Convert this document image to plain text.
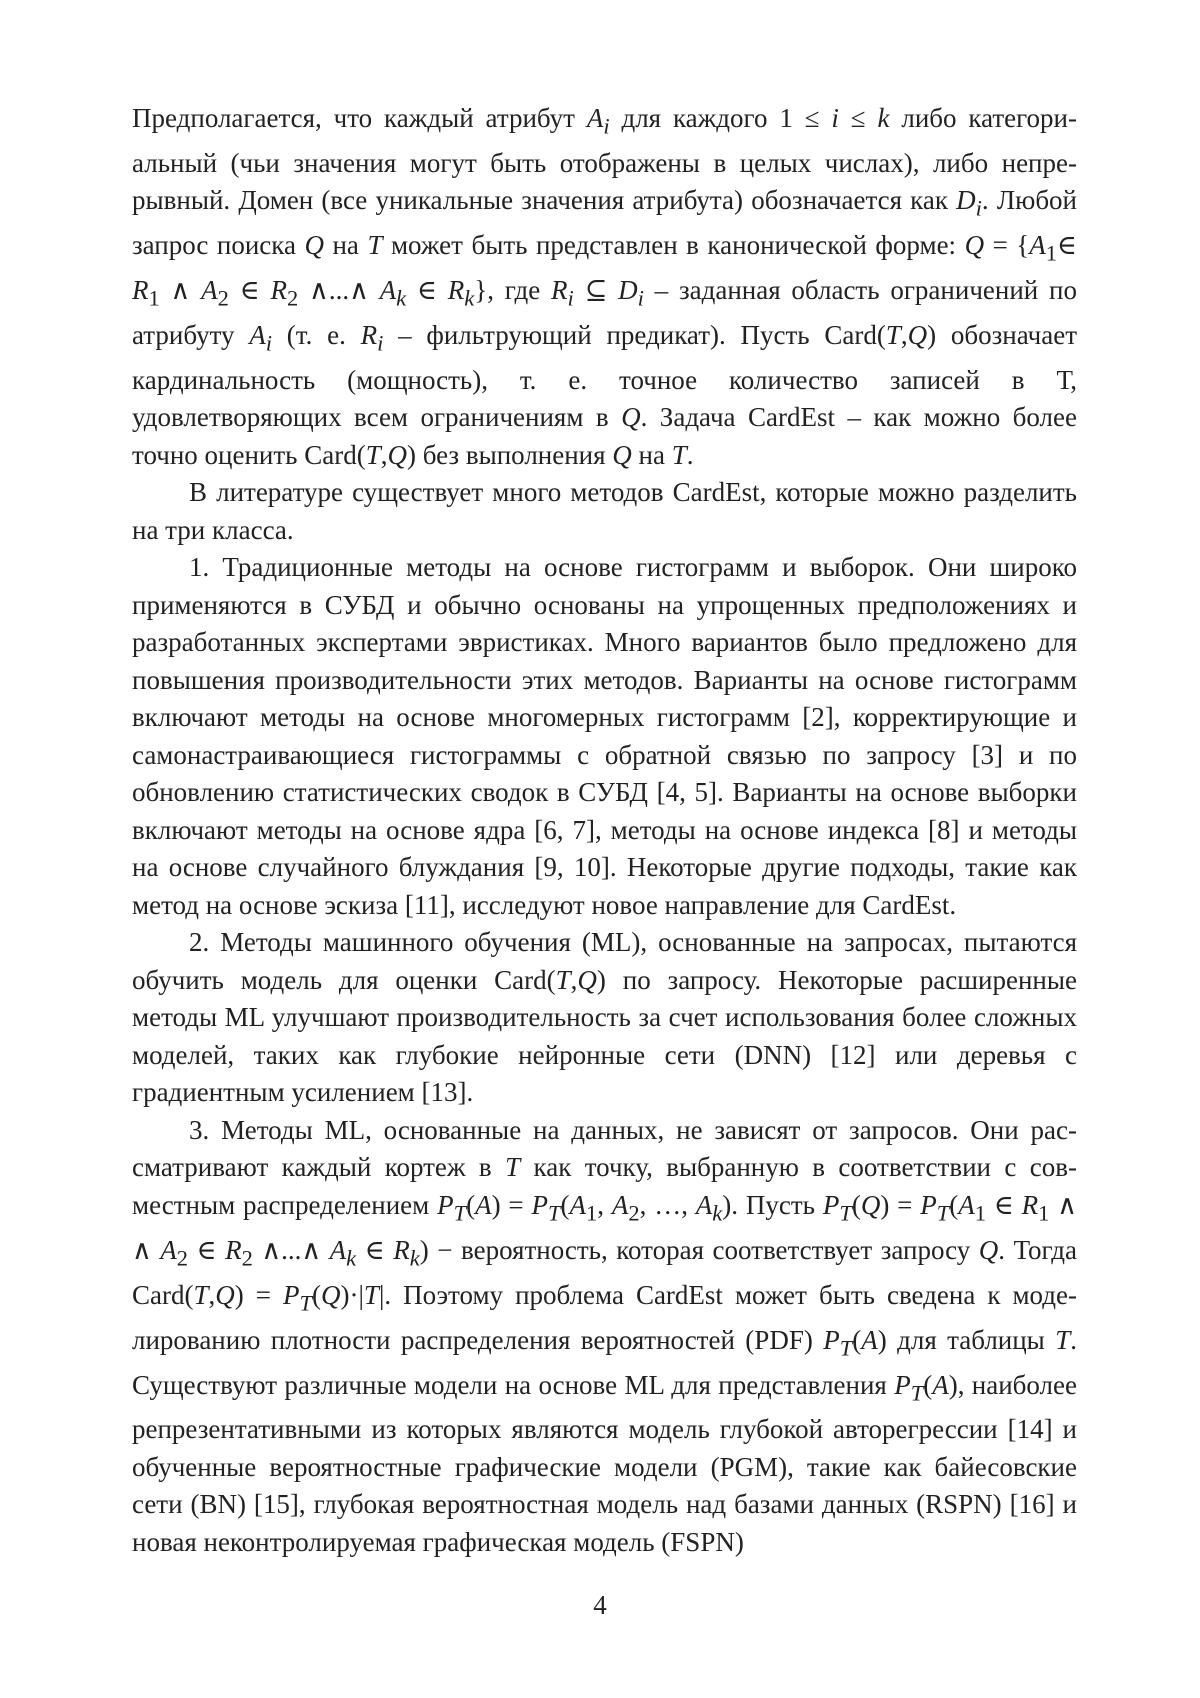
Предполагается, что каждый атрибут $A_i$ для каждого 1 ≤ i ≤ k либо категориальный (чьи значения могут быть отображены в целых числах), либо непрерывный. Домен (все уникальные значения атрибута) обозначается как $D_i$. Любой запрос поиска Q на T может быть представлен в канонической форме: $Q = \{A_1\in$ $R_1$ ∧ $A_2$ ∈ $R_2$ ∧...∧ $A_k$ ∈ $R_k$}, где $R_i$ ⊆ $D_i$ – заданная область ограничений по атрибуту $A_i$ (т. е. $R_i$ – фильтрующий предикат). Пусть Card(T,Q) обозначает кардинальность (мощность), т. е. точное количество записей в Т, удовлетворяющих всем ограничениям в Q. Задача CardEst – как можно более точно оценить Card(T,Q) без выполнения Q на T.

В литературе существует много методов CardEst, которые можно разделить на три класса.

1. Традиционные методы на основе гистограмм и выборок. Они широко применяются в СУБД и обычно основаны на упрощенных предположениях и разработанных экспертами эвристиках. Много вариантов было предложено для повышения производительности этих методов. Варианты на основе гистограмм включают методы на основе многомерных гистограмм [2], корректирующие и самонастраивающиеся гистограммы с обратной связью по запросу [3] и по обновлению статистических сводок в СУБД [4, 5]. Варианты на основе выборки включают методы на основе ядра [6, 7], методы на основе индекса [8] и методы на основе случайного блуждания [9, 10]. Некоторые другие подходы, такие как метод на основе эскиза [11], исследуют новое направление для CardEst.

2. Методы машинного обучения (ML), основанные на запросах, пытаются обучить модель для оценки Card(T,Q) по запросу. Некоторые расширенные методы ML улучшают производительность за счет использования более сложных моделей, таких как глубокие нейронные сети (DNN) [12] или деревья с градиентным усилением [13].

3. Методы ML, основанные на данных, не зависят от запросов. Они рассматривают каждый кортеж в T как точку, выбранную в соответствии с совместным распределением $P_T(A) = P_T(A_1$, $A_2$, …, $A_k$). Пусть $P_T(Q) = P_T(A_1$ ∈ $R_1$ ∧ ∧ $A_2$ ∈ $R_2$ ∧...∧ $A_k$ ∈ $R_k$) − вероятность, которая соответствует запросу Q. Тогда Card(T,Q) = $P_T(Q)\cdot|T|$. Поэтому проблема CardEst может быть сведена к моделированию плотности распределения вероятностей (PDF) $P_T(A)$ для таблицы T. Существуют различные модели на основе ML для представления $P_T(A)$, наиболее репрезентативными из которых являются модель глубокой авторегрессии [14] и обученные вероятностные графические модели (PGM), такие как байесовские сети (BN) [15], глубокая вероятностная модель над базами данных (RSPN) [16] и новая неконтролируемая графическая модель (FSPN)

4
